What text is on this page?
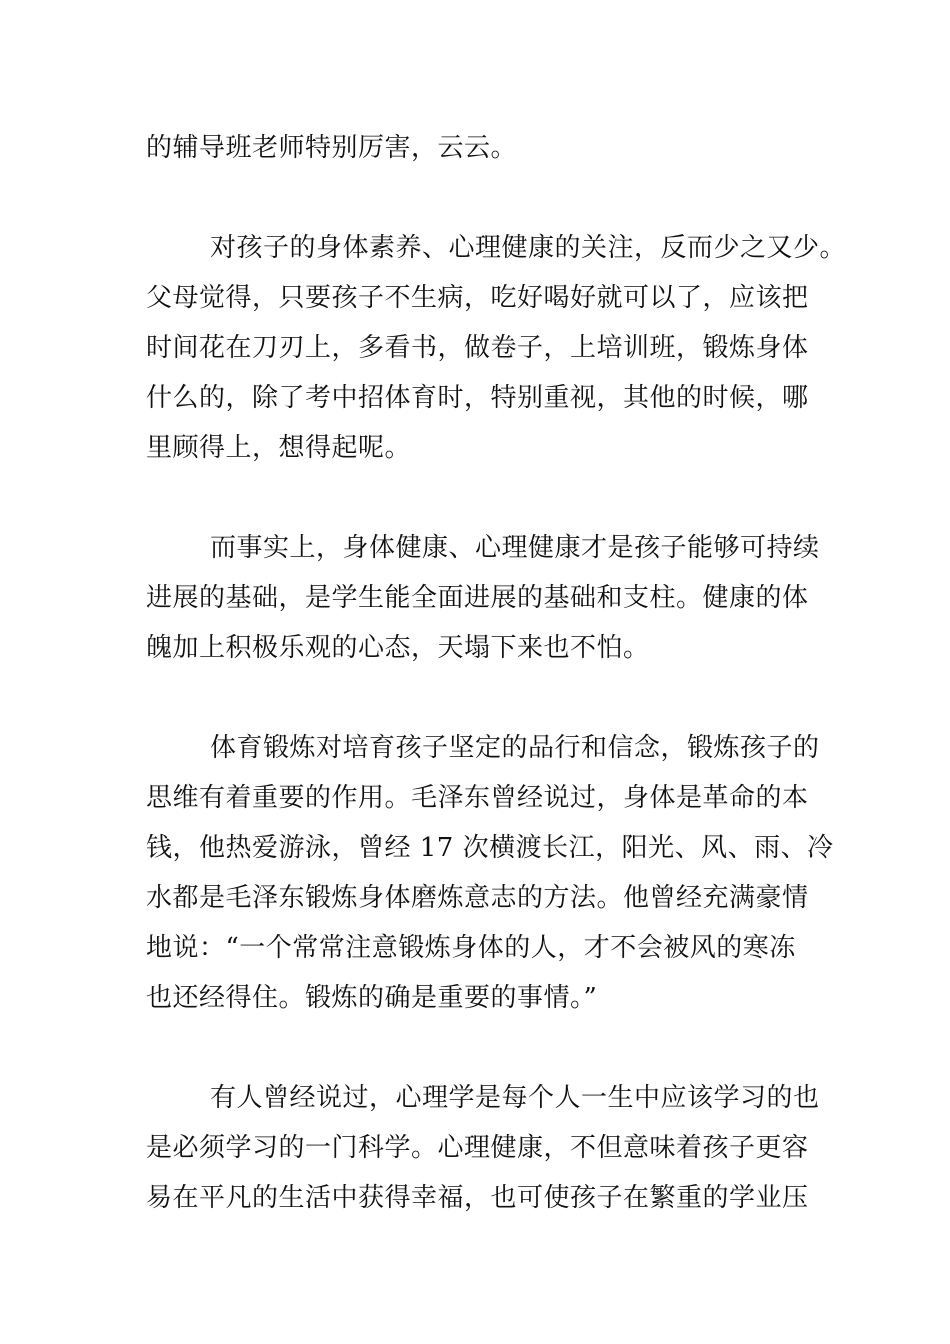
的辅导班老师特别厉害，云云。
对孩子的身体素养、心理健康的关注，反而少之又少。
父母觉得，只要孩子不生病，吃好喝好就可以了，应该把
时间花在刀刃上，多看书，做卷子，上培训班，锻炼身体
什么的，除了考中招体育时，特别重视，其他的时候，哪
里顾得上，想得起呢。
而事实上，身体健康、心理健康才是孩子能够可持续
进展的基础，是学生能全面进展的基础和支柱。健康的体
魄加上积极乐观的心态，天塌下来也不怕。
体育锻炼对培育孩子坚定的品行和信念，锻炼孩子的
思维有着重要的作用。毛泽东曾经说过，身体是革命的本
钱，他热爱游泳，曾经 17 次横渡长江，阳光、风、雨、冷
水都是毛泽东锻炼身体磨炼意志的方法。他曾经充满豪情
地说：“一个常常注意锻炼身体的人，才不会被风的寒冻
也还经得住。锻炼的确是重要的事情。”
有人曾经说过，心理学是每个人一生中应该学习的也
是必须学习的一门科学。心理健康，不但意味着孩子更容
易在平凡的生活中获得幸福，也可使孩子在繁重的学业压
